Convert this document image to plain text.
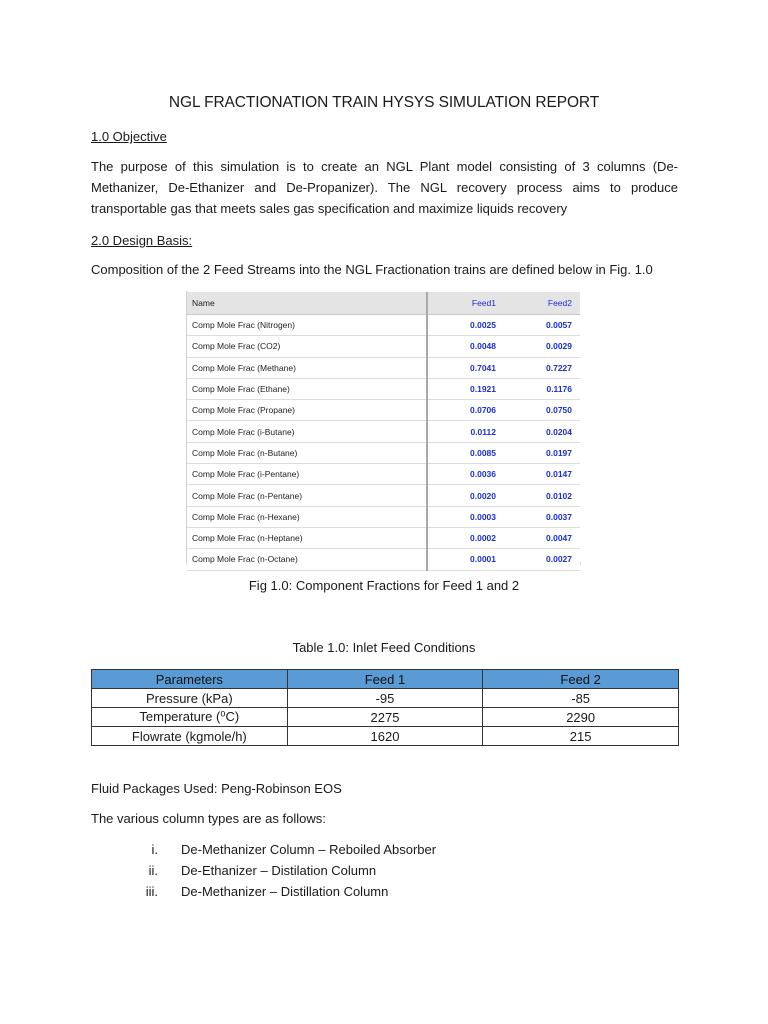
NGL FRACTIONATION TRAIN HYSYS SIMULATION REPORT
1.0 Objective

The purpose of this simulation is to create an NGL Plant model consisting of 3 columns (De-Methanizer, De-Ethanizer and De-Propanizer). The NGL recovery process aims to produce transportable gas that meets sales gas specification and maximize liquids recovery

2.0 Design Basis:
Composition of the 2 Feed Streams into the NGL Fractionation trains are defined below in Fig. 1.0
Name	Feed1	Feed2
Comp Mole Frac (Nitrogen)	0.0025	0.0057
Comp Mole Frac (CO2)	0.0048	0.0029
Comp Mole Frac (Methane)	0.7041	0.7227
Comp Mole Frac (Ethane)	0.1921	0.1176
Comp Mole Frac (Propane)	0.0706	0.0750
Comp Mole Frac (i-Butane)	0.0112	0.0204
Comp Mole Frac (n-Butane)	0.0085	0.0197
Comp Mole Frac (i-Pentane)	0.0036	0.0147
Comp Mole Frac (n-Pentane)	0.0020	0.0102
Comp Mole Frac (n-Hexane)	0.0003	0.0037
Comp Mole Frac (n-Heptane)	0.0002	0.0047
Comp Mole Frac (n-Octane)	0.0001	0.0027
Fig 1.0: Component Fractions for Feed 1 and 2
Table 1.0: Inlet Feed Conditions
Parameters	Feed 1	Feed 2
Pressure (kPa)	-95	-85
Temperature (⁰C)	2275	2290
Flowrate (kgmole/h)	1620	215
Fluid Packages Used: Peng-Robinson EOS
The various column types are as follows:
i. De-Methanizer Column – Reboiled Absorber
ii. De-Ethanizer – Distilation Column
iii. De-Methanizer – Distillation Column
